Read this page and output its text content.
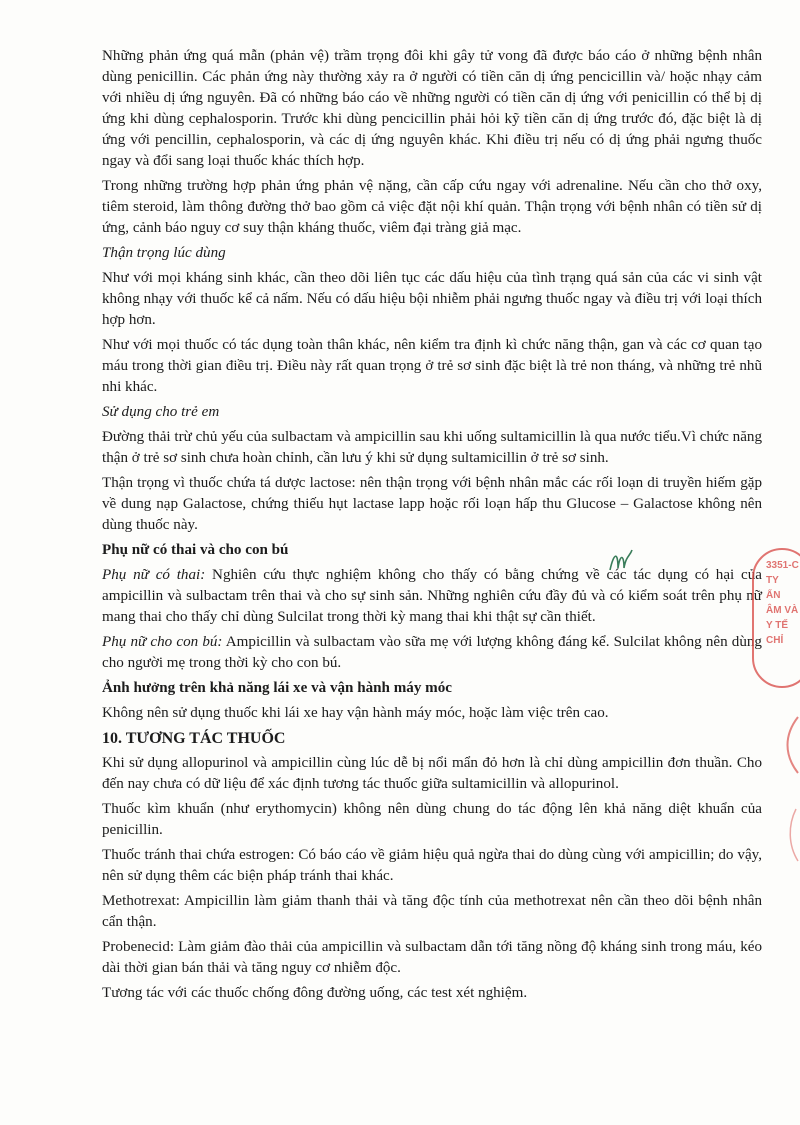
Những phản ứng quá mẫn (phản vệ) trầm trọng đôi khi gây tử vong đã được báo cáo ở những bệnh nhân dùng penicillin. Các phản ứng này thường xảy ra ở người có tiền căn dị ứng pencicillin và/ hoặc nhạy cảm với nhiều dị ứng nguyên. Đã có những báo cáo về những người có tiền căn dị ứng với penicillin có thể bị dị ứng khi dùng cephalosporin. Trước khi dùng pencicillin phải hỏi kỹ tiền căn dị ứng trước đó, đặc biệt là dị ứng với pencillin, cephalosporin, và các dị ứng nguyên khác. Khi điều trị nếu có dị ứng phải ngưng thuốc ngay và đổi sang loại thuốc khác thích hợp.

Trong những trường hợp phản ứng phản vệ nặng, cần cấp cứu ngay với adrenaline. Nếu cần cho thở oxy, tiêm steroid, làm thông đường thở bao gồm cả việc đặt nội khí quản. Thận trọng với bệnh nhân có tiền sử dị ứng, cảnh báo nguy cơ suy thận kháng thuốc, viêm đại tràng giả mạc.

Thận trọng lúc dùng

Như với mọi kháng sinh khác, cần theo dõi liên tục các dấu hiệu của tình trạng quá sản của các vi sinh vật không nhạy với thuốc kể cả nấm. Nếu có dấu hiệu bội nhiễm phải ngưng thuốc ngay và điều trị với loại thích hợp hơn.

Như với mọi thuốc có tác dụng toàn thân khác, nên kiểm tra định kì chức năng thận, gan và các cơ quan tạo máu trong thời gian điều trị. Điều này rất quan trọng ở trẻ sơ sinh đặc biệt là trẻ non tháng, và những trẻ nhũ nhi khác.

Sử dụng cho trẻ em

Đường thải trừ chủ yếu của sulbactam và ampicillin sau khi uống sultamicillin là qua nước tiểu.Vì chức năng thận ở trẻ sơ sinh chưa hoàn chỉnh, cần lưu ý khi sử dụng sultamicillin ở trẻ sơ sinh.

Thận trọng vì thuốc chứa tá dược lactose: nên thận trọng với bệnh nhân mắc các rối loạn di truyền hiếm gặp về dung nạp Galactose, chứng thiếu hụt lactase lapp hoặc rối loạn hấp thu Glucose – Galactose không nên dùng thuốc này.

Phụ nữ có thai và cho con bú

Phụ nữ có thai: Nghiên cứu thực nghiệm không cho thấy có bằng chứng về các tác dụng có hại của ampicillin và sulbactam trên thai và cho sự sinh sản. Những nghiên cứu đầy đủ và có kiểm soát trên phụ nữ mang thai cho thấy chỉ dùng Sulcilat trong thời kỳ mang thai khi thật sự cần thiết.

Phụ nữ cho con bú: Ampicillin và sulbactam vào sữa mẹ với lượng không đáng kể. Sulcilat không nên dùng cho người mẹ trong thời kỳ cho con bú.

Ảnh hưởng trên khả năng lái xe và vận hành máy móc

Không nên sử dụng thuốc khi lái xe hay vận hành máy móc, hoặc làm việc trên cao.

10. TƯƠNG TÁC THUỐC

Khi sử dụng allopurinol và ampicillin cùng lúc dễ bị nổi mẩn đỏ hơn là chỉ dùng ampicillin đơn thuần. Cho đến nay chưa có dữ liệu để xác định tương tác thuốc giữa sultamicillin và allopurinol.

Thuốc kìm khuẩn (như erythomycin) không nên dùng chung do tác động lên khả năng diệt khuẩn của penicillin.

Thuốc tránh thai chứa estrogen: Có báo cáo về giảm hiệu quả ngừa thai do dùng cùng với ampicillin; do vậy, nên sử dụng thêm các biện pháp tránh thai khác.

Methotrexat: Ampicillin làm giảm thanh thải và tăng độc tính của methotrexat nên cần theo dõi bệnh nhân cẩn thận.

Probenecid: Làm giảm đào thải của ampicillin và sulbactam dẫn tới tăng nồng độ kháng sinh trong máu, kéo dài thời gian bán thải và tăng nguy cơ nhiễm độc.

Tương tác với các thuốc chống đông đường uống, các test xét nghiệm.

3351-C
TY
ẨN
ÂM VÀ
Y TẾ
CHỈ
